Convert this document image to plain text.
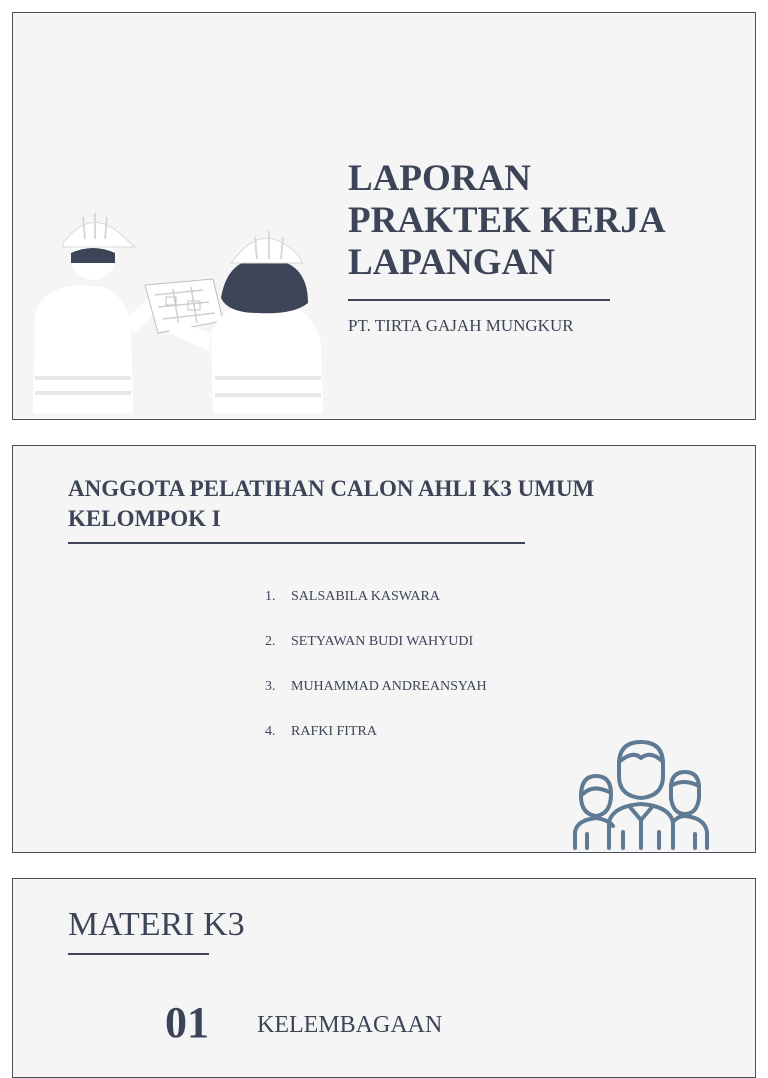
LAPORAN
PRAKTEK KERJA
LAPANGAN
PT. TIRTA GAJAH MUNGKUR
ANGGOTA PELATIHAN CALON AHLI K3 UMUM
KELOMPOK I
1.	SALSABILA KASWARA
2.	SETYAWAN BUDI WAHYUDI
3.	MUHAMMAD ANDREANSYAH
4.	RAFKI FITRA
MATERI K3
01 KELEMBAGAAN
